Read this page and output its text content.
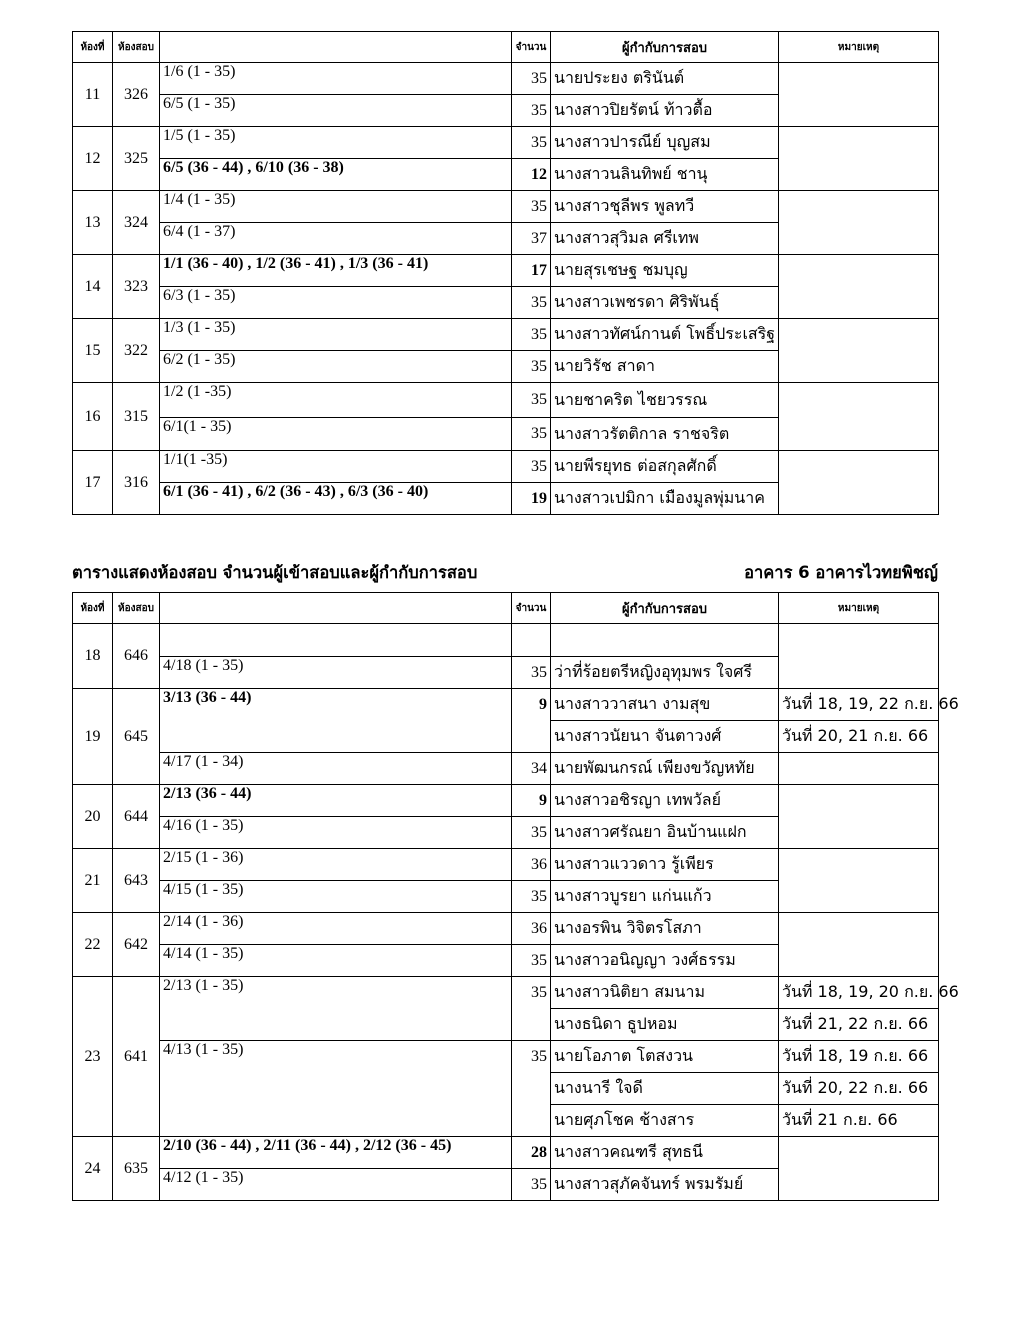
ห้องที่	ห้องสอบ		จำนวน	ผู้กำกับการสอบ	หมายเหตุ
11	326	1/6 (1 - 35)	35	นายประยง ตรินันต์	
		6/5 (1 - 35)	35	นางสาวปิยรัตน์ ท้าวตื้อ	
12	325	1/5 (1 - 35)	35	นางสาวปารณีย์ บุญสม	
		6/5 (36 - 44) , 6/10 (36 - 38)	12	นางสาวนลินทิพย์ ชานุ	
13	324	1/4 (1 - 35)	35	นางสาวชุลีพร พูลทวี	
		6/4 (1 - 37)	37	นางสาวสุวิมล ศรีเทพ	
14	323	1/1 (36 - 40) , 1/2 (36 - 41) , 1/3 (36 - 41)	17	นายสุรเชษฐ ชมบุญ	
		6/3 (1 - 35)	35	นางสาวเพชรดา ศิริพันธุ์	
15	322	1/3 (1 - 35)	35	นางสาวทัศน์กานต์ โพธิ์ประเสริฐ	
		6/2 (1 - 35)	35	นายวิรัช สาดา	
16	315	1/2 (1 -35)	35	นายชาคริต ไชยวรรณ	
		6/1(1 - 35)	35	นางสาวรัตติกาล ราชจริต	
17	316	1/1(1 -35)	35	นายพีรยุทธ ต่อสกุลศักดิ์	
		6/1 (36 - 41) , 6/2 (36 - 43) , 6/3 (36 - 40)	19	นางสาวเปมิกา เมืองมูลพุ่มนาค	
ตารางแสดงห้องสอบ จำนวนผู้เข้าสอบและผู้กำกับการสอบ	อาคาร 6 อาคารไวทยพิชญ์
ห้องที่	ห้องสอบ		จำนวน	ผู้กำกับการสอบ	หมายเหตุ
18	646				
		4/18 (1 - 35)	35	ว่าที่ร้อยตรีหญิงอุทุมพร ใจศรี	
19	645	3/13 (36 - 44)	9	นางสาววาสนา งามสุข	วันที่ 18, 19, 22 ก.ย. 66
				นางสาวนัยนา จันตาวงศ์	วันที่ 20, 21 ก.ย. 66
		4/17 (1 - 34)	34	นายพัฒนกรณ์ เพียงขวัญหทัย	
20	644	2/13 (36 - 44)	9	นางสาวอชิรญา เทพวัลย์	
		4/16 (1 - 35)	35	นางสาวศรัณยา อินบ้านแฝก	
21	643	2/15 (1 - 36)	36	นางสาวแววดาว รู้เพียร	
		4/15 (1 - 35)	35	นางสาวบูรยา แก่นแก้ว	
22	642	2/14 (1 - 36)	36	นางอรพิน วิจิตรโสภา	
		4/14 (1 - 35)	35	นางสาวอนิญญา วงศ์ธรรม	
23	641	2/13 (1 - 35)	35	นางสาวนิติยา สมนาม	วันที่ 18, 19, 20 ก.ย. 66
				นางธนิดา ธูปหอม	วันที่ 21, 22 ก.ย. 66
		4/13 (1 - 35)	35	นายโอภาต โตสงวน	วันที่ 18, 19 ก.ย. 66
				นางนารี ใจดี	วันที่ 20, 22 ก.ย. 66
				นายศุภโชค ช้างสาร	วันที่ 21 ก.ย. 66
24	635	2/10 (36 - 44) , 2/11 (36 - 44) , 2/12 (36 - 45)	28	นางสาวคณฑรี สุทธนี	
		4/12 (1 - 35)	35	นางสาวสุภัคจันทร์ พรมรัมย์	
